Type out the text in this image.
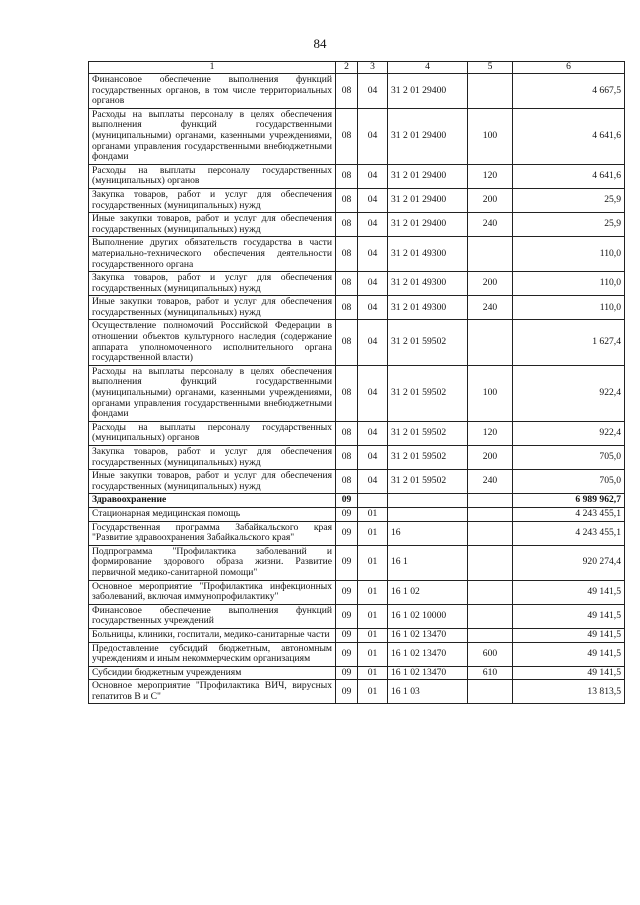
84
1	2	3	4	5	6
Финансовое обеспечение выполнения функций государственных органов, в том числе территориальных органов	08	04	31 2 01 29400		4 667,5
Расходы на выплаты персоналу в целях обеспечения выполнения функций государственными (муниципальными) органами, казенными учреждениями, органами управления государственными внебюджетными фондами	08	04	31 2 01 29400	100	4 641,6
Расходы на выплаты персоналу государственных (муниципальных) органов	08	04	31 2 01 29400	120	4 641,6
Закупка товаров, работ и услуг для обеспечения государственных (муниципальных) нужд	08	04	31 2 01 29400	200	25,9
Иные закупки товаров, работ и услуг для обеспечения государственных (муниципальных) нужд	08	04	31 2 01 29400	240	25,9
Выполнение других обязательств государства в части материально-технического обеспечения деятельности государственного органа	08	04	31 2 01 49300		110,0
Закупка товаров, работ и услуг для обеспечения государственных (муниципальных) нужд	08	04	31 2 01 49300	200	110,0
Иные закупки товаров, работ и услуг для обеспечения государственных (муниципальных) нужд	08	04	31 2 01 49300	240	110,0
Осуществление полномочий Российской Федерации в отношении объектов культурного наследия (содержание аппарата уполномоченного исполнительного органа государственной власти)	08	04	31 2 01 59502		1 627,4
Расходы на выплаты персоналу в целях обеспечения выполнения функций государственными (муниципальными) органами, казенными учреждениями, органами управления государственными внебюджетными фондами	08	04	31 2 01 59502	100	922,4
Расходы на выплаты персоналу государственных (муниципальных) органов	08	04	31 2 01 59502	120	922,4
Закупка товаров, работ и услуг для обеспечения государственных (муниципальных) нужд	08	04	31 2 01 59502	200	705,0
Иные закупки товаров, работ и услуг для обеспечения государственных (муниципальных) нужд	08	04	31 2 01 59502	240	705,0
Здравоохранение	09				6 989 962,7
Стационарная медицинская помощь	09	01			4 243 455,1
Государственная программа Забайкальского края "Развитие здравоохранения Забайкальского края"	09	01	16		4 243 455,1
Подпрограмма "Профилактика заболеваний и формирование здорового образа жизни. Развитие первичной медико-санитарной помощи"	09	01	16 1		920 274,4
Основное мероприятие "Профилактика инфекционных заболеваний, включая иммунопрофилактику"	09	01	16 1 02		49 141,5
Финансовое обеспечение выполнения функций государственных учреждений	09	01	16 1 02 10000		49 141,5
Больницы, клиники, госпитали, медико-санитарные части	09	01	16 1 02 13470		49 141,5
Предоставление субсидий бюджетным, автономным учреждениям и иным некоммерческим организациям	09	01	16 1 02 13470	600	49 141,5
Субсидии бюджетным учреждениям	09	01	16 1 02 13470	610	49 141,5
Основное мероприятие "Профилактика ВИЧ, вирусных гепатитов В и С"	09	01	16 1 03		13 813,5
